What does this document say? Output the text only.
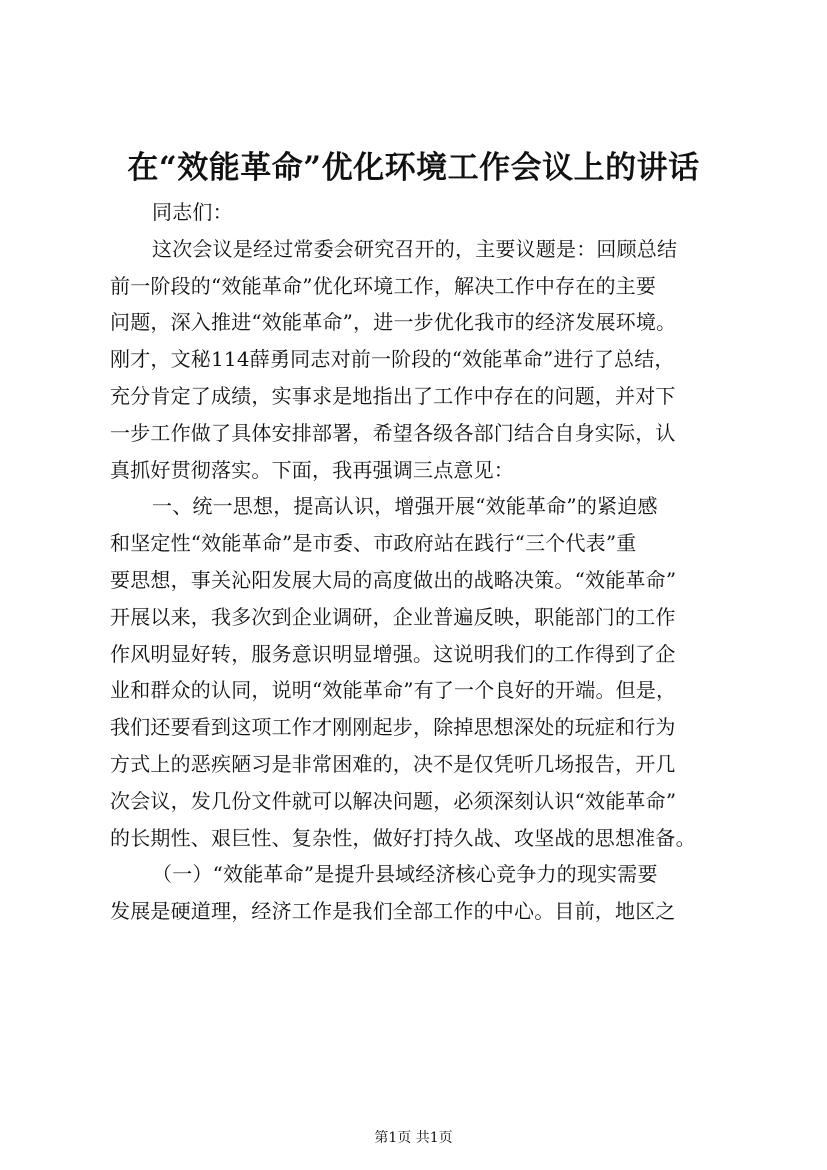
在“效能革命”优化环境工作会议上的讲话
同志们：
这次会议是经过常委会研究召开的，主要议题是：回顾总结
前一阶段的“效能革命”优化环境工作，解决工作中存在的主要
问题，深入推进“效能革命”，进一步优化我市的经济发展环境。
刚才，文秘114薛勇同志对前一阶段的“效能革命”进行了总结，
充分肯定了成绩，实事求是地指出了工作中存在的问题，并对下
一步工作做了具体安排部署，希望各级各部门结合自身实际，认
真抓好贯彻落实。下面，我再强调三点意见：
一、统一思想，提高认识，增强开展“效能革命”的紧迫感
和坚定性“效能革命”是市委、市政府站在践行“三个代表”重
要思想，事关沁阳发展大局的高度做出的战略决策。“效能革命”
开展以来，我多次到企业调研，企业普遍反映，职能部门的工作
作风明显好转，服务意识明显增强。这说明我们的工作得到了企
业和群众的认同，说明“效能革命”有了一个良好的开端。但是，
我们还要看到这项工作才刚刚起步，除掉思想深处的玩症和行为
方式上的恶疾陋习是非常困难的，决不是仅凭听几场报告，开几
次会议，发几份文件就可以解决问题，必须深刻认识“效能革命”
的长期性、艰巨性、复杂性，做好打持久战、攻坚战的思想准备。
（一）“效能革命”是提升县域经济核心竞争力的现实需要
发展是硬道理，经济工作是我们全部工作的中心。目前，地区之
第1页 共1页
